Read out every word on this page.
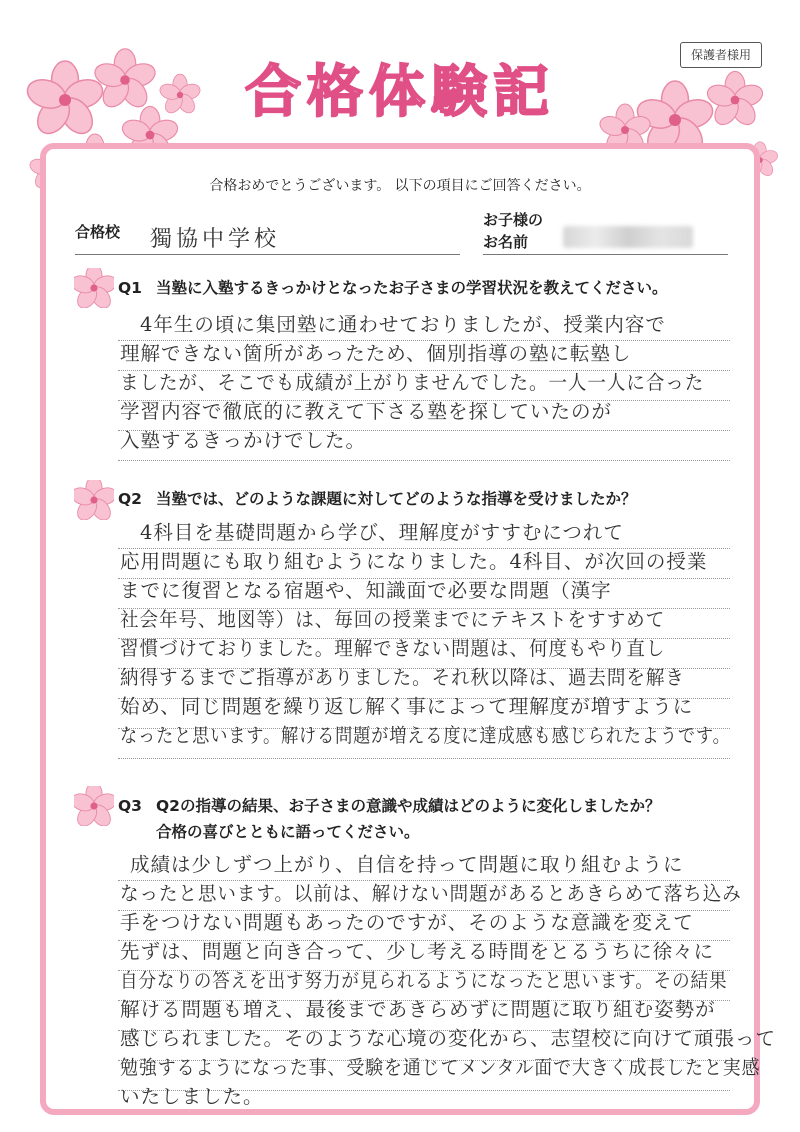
保護者様用
合格体験記
合格おめでとうございます。 以下の項目にご回答ください。
合格校 獨協中学校
お子様の
お名前
Q1 当塾に入塾するきっかけとなったお子さまの学習状況を教えてください。
4年生の頃に集団塾に通わせておりましたが、授業内容で
理解できない箇所があったため、個別指導の塾に転塾し
ましたが、そこでも成績が上がりませんでした。一人一人に合った
学習内容で徹底的に教えて下さる塾を探していたのが
入塾するきっかけでした。
Q2 当塾では、どのような課題に対してどのような指導を受けましたか？
4科目を基礎問題から学び、理解度がすすむにつれて
応用問題にも取り組むようになりました。4科目、が次回の授業
までに復習となる宿題や、知識面で必要な問題（漢字
社会年号、地図等）は、毎回の授業までにテキストをすすめて
習慣づけておりました。理解できない問題は、何度もやり直し
納得するまでご指導がありました。それ秋以降は、過去問を解き
始め、同じ問題を繰り返し解く事によって理解度が増すように
なったと思います。解ける問題が増える度に達成感も感じられたようです。
Q3 Q2の指導の結果、お子さまの意識や成績はどのように変化しましたか？
合格の喜びとともに語ってください。
成績は少しずつ上がり、自信を持って問題に取り組むように
なったと思います。以前は、解けない問題があるとあきらめて落ち込み
手をつけない問題もあったのですが、そのような意識を変えて
先ずは、問題と向き合って、少し考える時間をとるうちに徐々に
自分なりの答えを出す努力が見られるようになったと思います。その結果
解ける問題も増え、最後まであきらめずに問題に取り組む姿勢が
感じられました。そのような心境の変化から、志望校に向けて頑張って
勉強するようになった事、受験を通じてメンタル面で大きく成長したと実感
いたしました。
